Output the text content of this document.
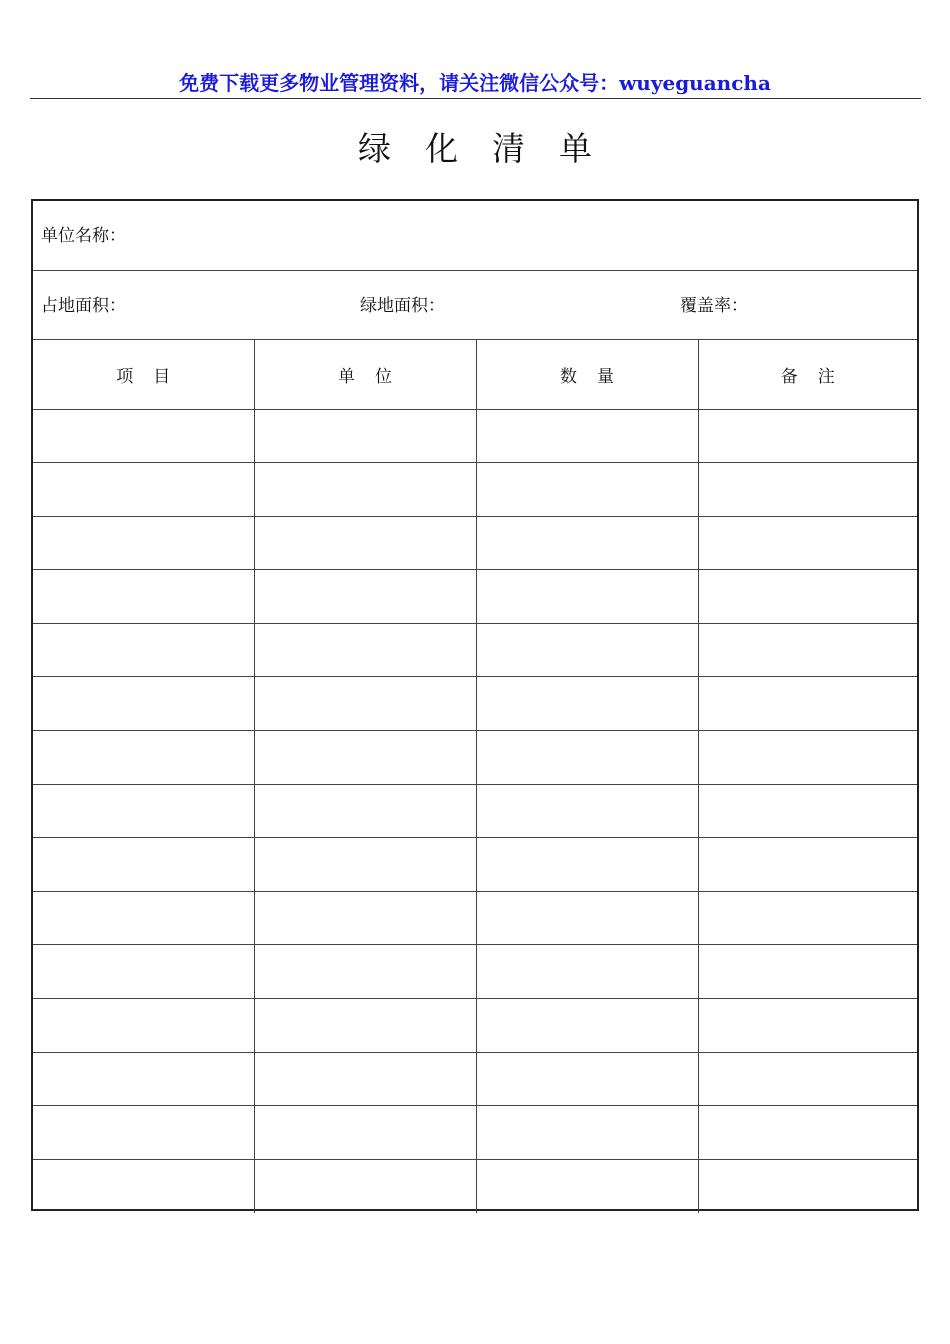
免费下载更多物业管理资料，请关注微信公众号：wuyeguancha
绿化清单
单位名称：
占地面积：	绿地面积：	覆盖率：
项目	单位	数量	备注
